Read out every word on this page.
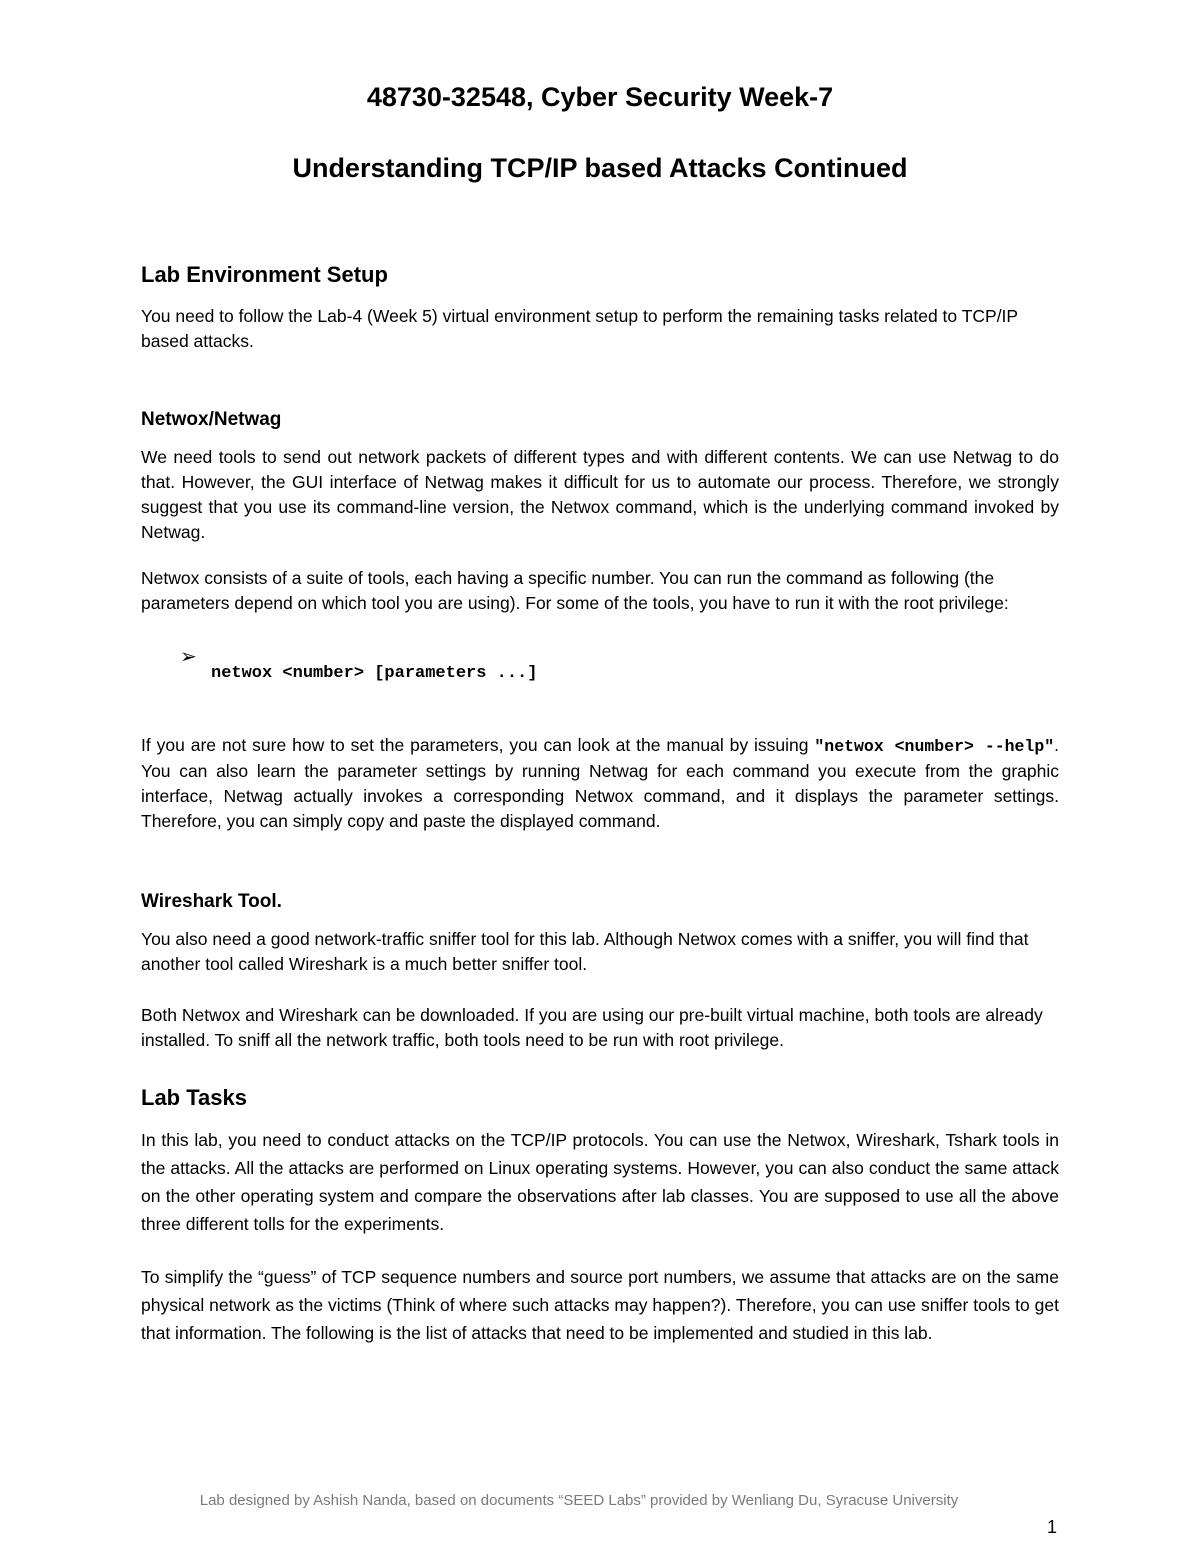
48730-32548, Cyber Security Week-7
Understanding TCP/IP based Attacks Continued
Lab Environment Setup

You need to follow the Lab-4 (Week 5) virtual environment setup to perform the remaining tasks related to TCP/IP based attacks.

Netwox/Netwag

We need tools to send out network packets of different types and with different contents. We can use Netwag to do that. However, the GUI interface of Netwag makes it difficult for us to automate our process. Therefore, we strongly suggest that you use its command-line version, the Netwox command, which is the underlying command invoked by Netwag.

Netwox consists of a suite of tools, each having a specific number. You can run the command as following (the parameters depend on which tool you are using). For some of the tools, you have to run it with the root privilege:

➢
netwox <number> [parameters ...]

If you are not sure how to set the parameters, you can look at the manual by issuing "netwox <number> --help". You can also learn the parameter settings by running Netwag for each command you execute from the graphic interface, Netwag actually invokes a corresponding Netwox command, and it displays the parameter settings. Therefore, you can simply copy and paste the displayed command.

Wireshark Tool.

You also need a good network-traffic sniffer tool for this lab. Although Netwox comes with a sniffer, you will find that another tool called Wireshark is a much better sniffer tool.

Both Netwox and Wireshark can be downloaded. If you are using our pre-built virtual machine, both tools are already installed. To sniff all the network traffic, both tools need to be run with root privilege.

Lab Tasks

In this lab, you need to conduct attacks on the TCP/IP protocols. You can use the Netwox, Wireshark, Tshark tools in the attacks. All the attacks are performed on Linux operating systems. However, you can also conduct the same attack on the other operating system and compare the observations after lab classes. You are supposed to use all the above three different tolls for the experiments.

To simplify the “guess” of TCP sequence numbers and source port numbers, we assume that attacks are on the same physical network as the victims (Think of where such attacks may happen?). Therefore, you can use sniffer tools to get that information. The following is the list of attacks that need to be implemented and studied in this lab.

Lab designed by Ashish Nanda, based on documents “SEED Labs” provided by Wenliang Du, Syracuse University
1
